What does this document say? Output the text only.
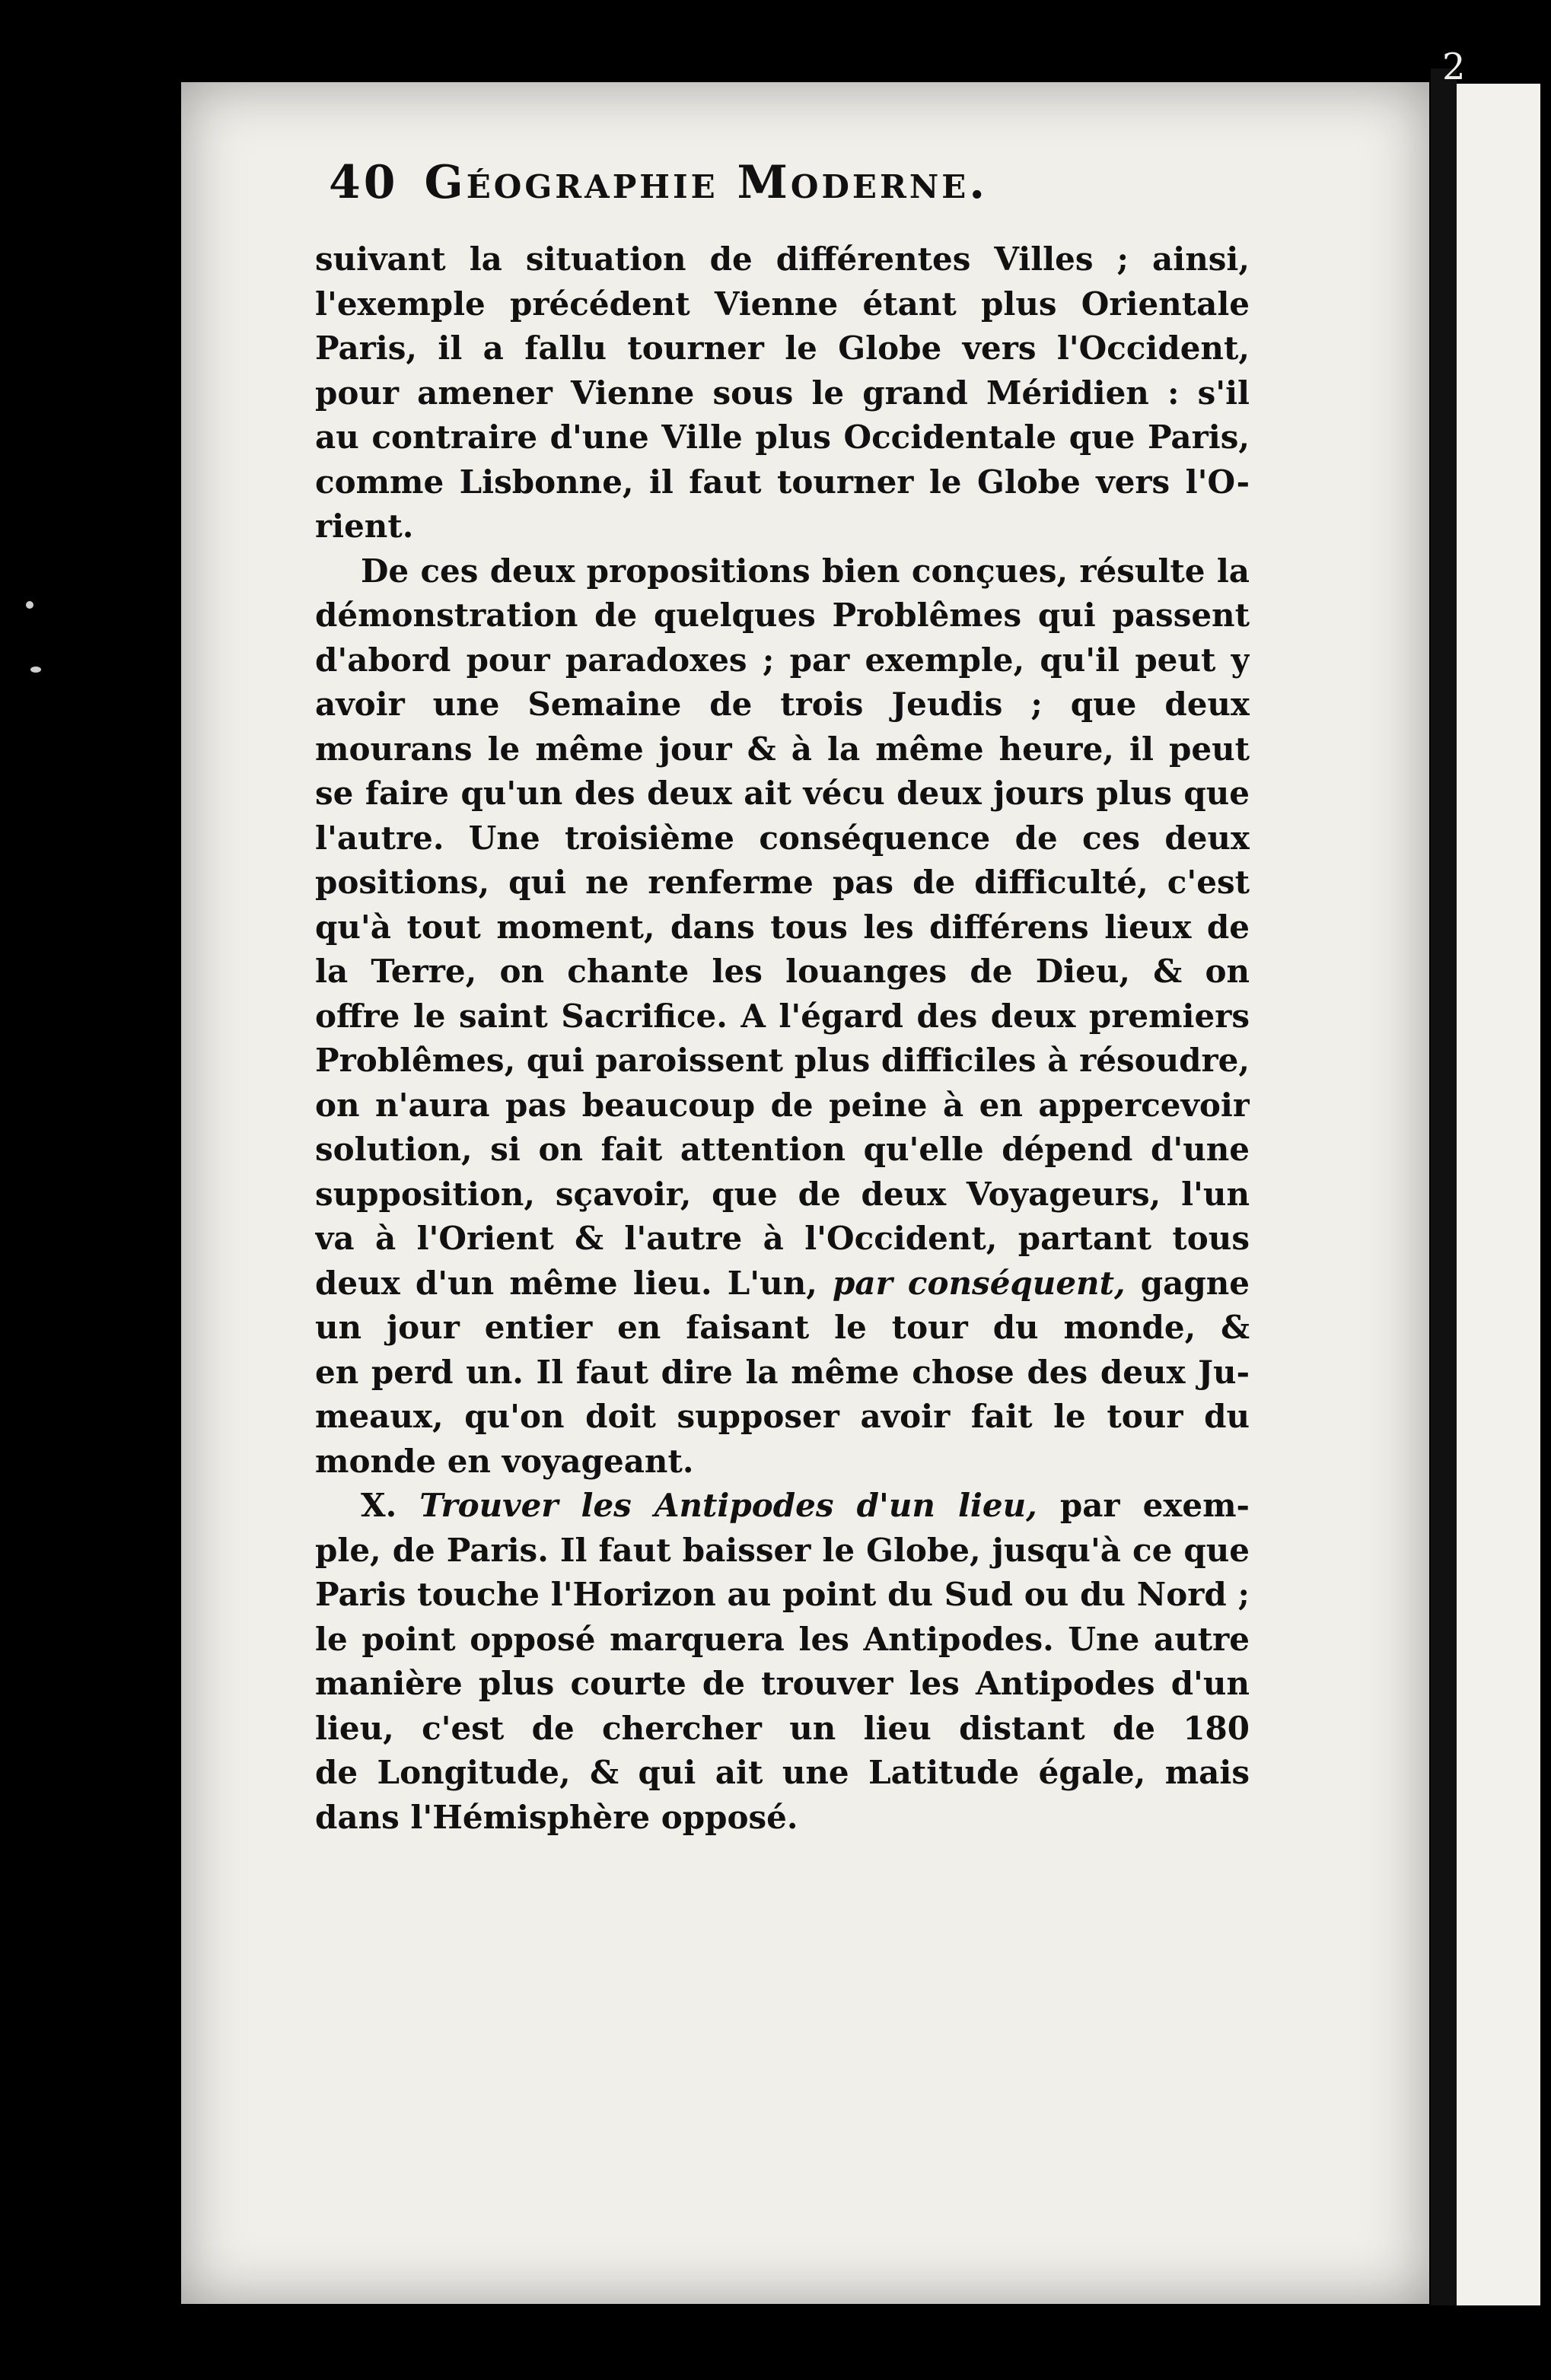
2
40 Géographie Moderne.
suivant la situation de différentes Villes ; ainsi,
l'exemple précédent Vienne étant plus Orientale
Paris, il a fallu tourner le Globe vers l'Occident,
pour amener Vienne sous le grand Méridien : s'il
au contraire d'une Ville plus Occidentale que Paris,
comme Lisbonne, il faut tourner le Globe vers l'O-
rient.
De ces deux propositions bien conçues, résulte la
démonstration de quelques Problêmes qui passent
d'abord pour paradoxes ; par exemple, qu'il peut y
avoir une Semaine de trois Jeudis ; que deux
mourans le même jour & à la même heure, il peut
se faire qu'un des deux ait vécu deux jours plus que
l'autre. Une troisième conséquence de ces deux
positions, qui ne renferme pas de difficulté, c'est
qu'à tout moment, dans tous les différens lieux de
la Terre, on chante les louanges de Dieu, & on
offre le saint Sacrifice. A l'égard des deux premiers
Problêmes, qui paroissent plus difficiles à résoudre,
on n'aura pas beaucoup de peine à en appercevoir
solution, si on fait attention qu'elle dépend d'une
supposition, sçavoir, que de deux Voyageurs, l'un
va à l'Orient & l'autre à l'Occident, partant tous
deux d'un même lieu. L'un, par conséquent, gagne
un jour entier en faisant le tour du monde, &
en perd un. Il faut dire la même chose des deux Ju-
meaux, qu'on doit supposer avoir fait le tour du
monde en voyageant.
X. Trouver les Antipodes d'un lieu, par exem-
ple, de Paris. Il faut baisser le Globe, jusqu'à ce que
Paris touche l'Horizon au point du Sud ou du Nord ;
le point opposé marquera les Antipodes. Une autre
manière plus courte de trouver les Antipodes d'un
lieu, c'est de chercher un lieu distant de 180
de Longitude, & qui ait une Latitude égale, mais
dans l'Hémisphère opposé.
